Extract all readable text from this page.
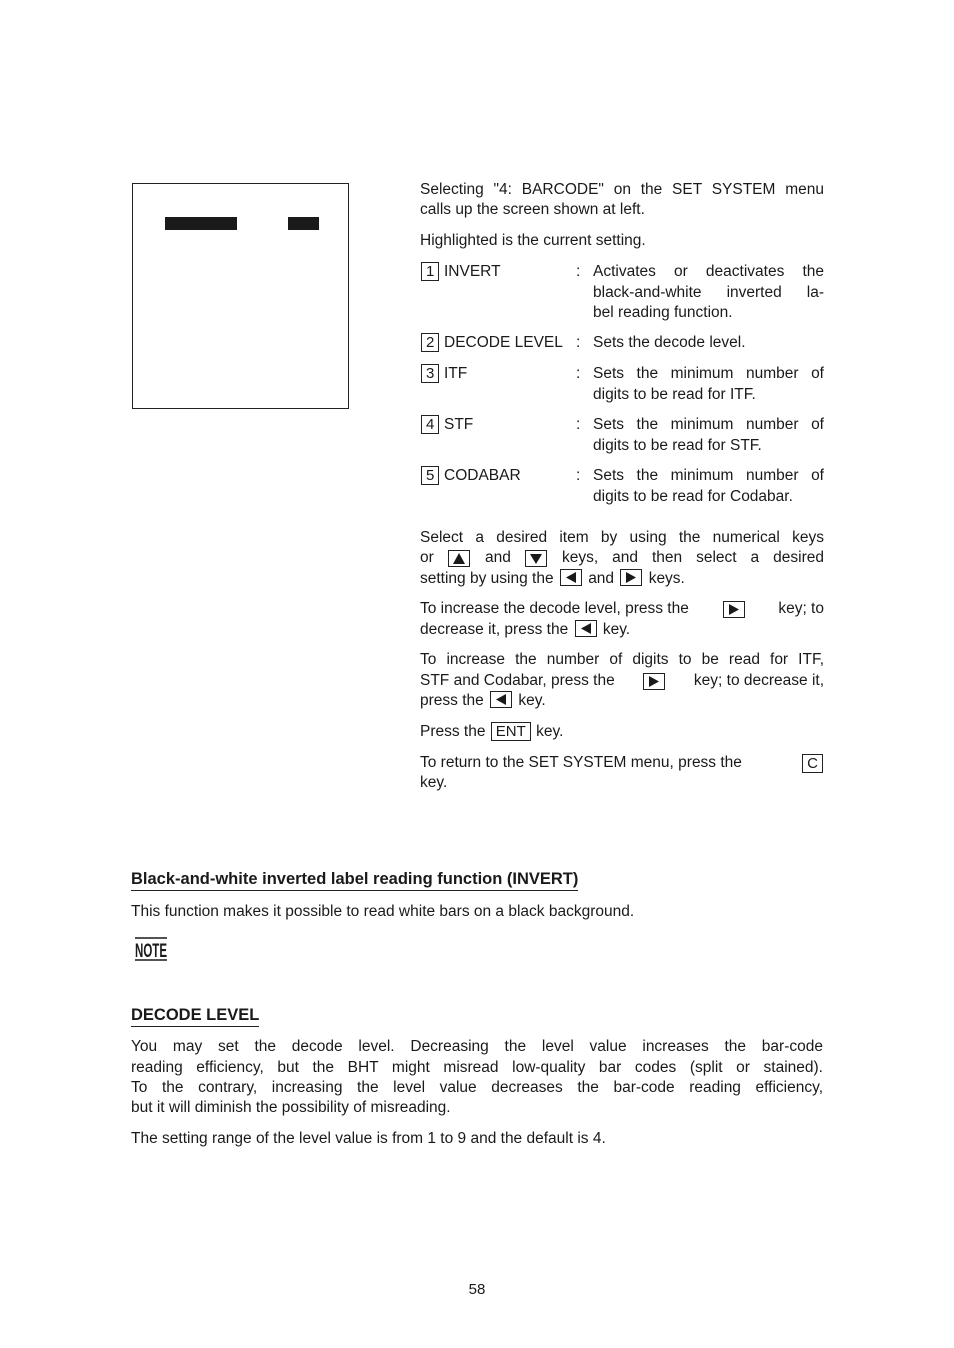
Selecting "4: BARCODE" on the SET SYSTEM menu
calls up the screen shown at left.
Highlighted is the current setting.
1 INVERT	: Activates or deactivates the
black-and-white inverted la-
bel reading function.
2 DECODE LEVEL : Sets the decode level.
3 ITF	: Sets the minimum number of
digits to be read for ITF.
4 STF	: Sets the minimum number of
digits to be read for STF.
5 CODABAR	: Sets the minimum number of
digits to be read for Codabar.
Select a desired item by using the numerical keys
or	and	keys, and then select a desired
setting by using the and keys.
To increase the decode level, press the	key; to
decrease it, press the key.
To increase the number of digits to be read for ITF,
STF and Codabar, press the	key; to decrease it,
press the key.
Press the ENT key.
To return to the SET SYSTEM menu, press the	C
key.
Black-and-white inverted label reading function (INVERT)
This function makes it possible to read white bars on a black background.
NOTE
DECODE LEVEL
You may set the decode level. Decreasing the level value increases the bar-code
reading efficiency, but the BHT might misread low-quality bar codes (split or stained).
To the contrary, increasing the level value decreases the bar-code reading efficiency,
but it will diminish the possibility of misreading.
The setting range of the level value is from 1 to 9 and the default is 4.
58
